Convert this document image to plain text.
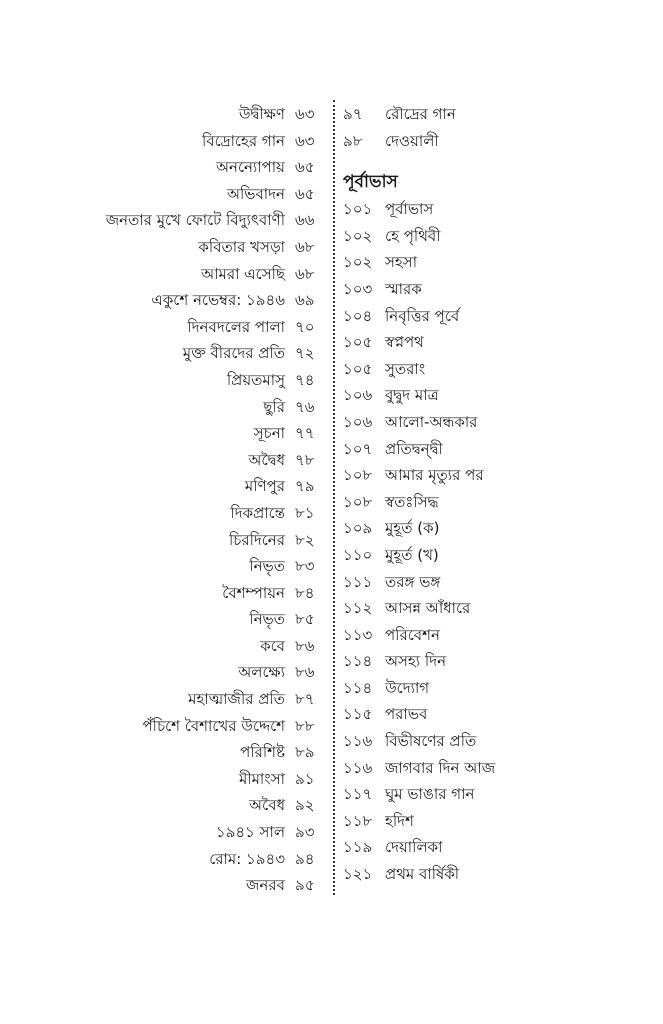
উদ্বীক্ষণ ৬৩
বিদ্রোহের গান ৬৩
অনন্যোপায় ৬৫
অভিবাদন ৬৫
জনতার মুখে ফোটে বিদ্যুৎবাণী ৬৬
কবিতার খসড়া ৬৮
আমরা এসেছি ৬৮
একুশে নভেম্বর: ১৯৪৬ ৬৯
দিনবদলের পালা ৭০
মুক্ত বীরদের প্রতি ৭২
প্রিয়তমাসু ৭৪
ছুরি ৭৬
সূচনা ৭৭
অদ্বৈধ ৭৮
মণিপুর ৭৯
দিকপ্রান্তে ৮১
চিরদিনের ৮২
নিভৃত ৮৩
বৈশম্পায়ন ৮৪
নিভৃত ৮৫
কবে ৮৬
অলক্ষ্যে ৮৬
মহাত্মাজীর প্রতি ৮৭
পঁচিশে বৈশাখের উদ্দেশে ৮৮
পরিশিষ্ট ৮৯
মীমাংসা ৯১
অবৈধ ৯২
১৯৪১ সাল ৯৩
রোম: ১৯৪৩ ৯৪
জনরব ৯৫
৯৭	রৌদ্রের গান
৯৮	দেওয়ালী
পূর্বাভাস
১০১ পূর্বাভাস
১০২ হে পৃথিবী
১০২ সহসা
১০৩ স্মারক
১০৪ নিবৃত্তির পূর্বে
১০৫ স্বপ্নপথ
১০৫ সুতরাং
১০৬ বুদ্বুদ মাত্র
১০৬ আলো-অন্ধকার
১০৭ প্রতিদ্বন্দ্বী
১০৮ আমার মৃত্যুর পর
১০৮ স্বতঃসিদ্ধ
১০৯ মুহূর্ত (ক)
১১০ মুহূর্ত (খ)
১১১ তরঙ্গ ভঙ্গ
১১২ আসন্ন আঁধারে
১১৩ পরিবেশন
১১৪ অসহ্য দিন
১১৪ উদ্যোগ
১১৫ পরাভব
১১৬ বিভীষণের প্রতি
১১৬ জাগবার দিন আজ
১১৭ ঘুম ভাঙার গান
১১৮ হদিশ
১১৯ দেয়ালিকা
১২১ প্রথম বার্ষিকী
